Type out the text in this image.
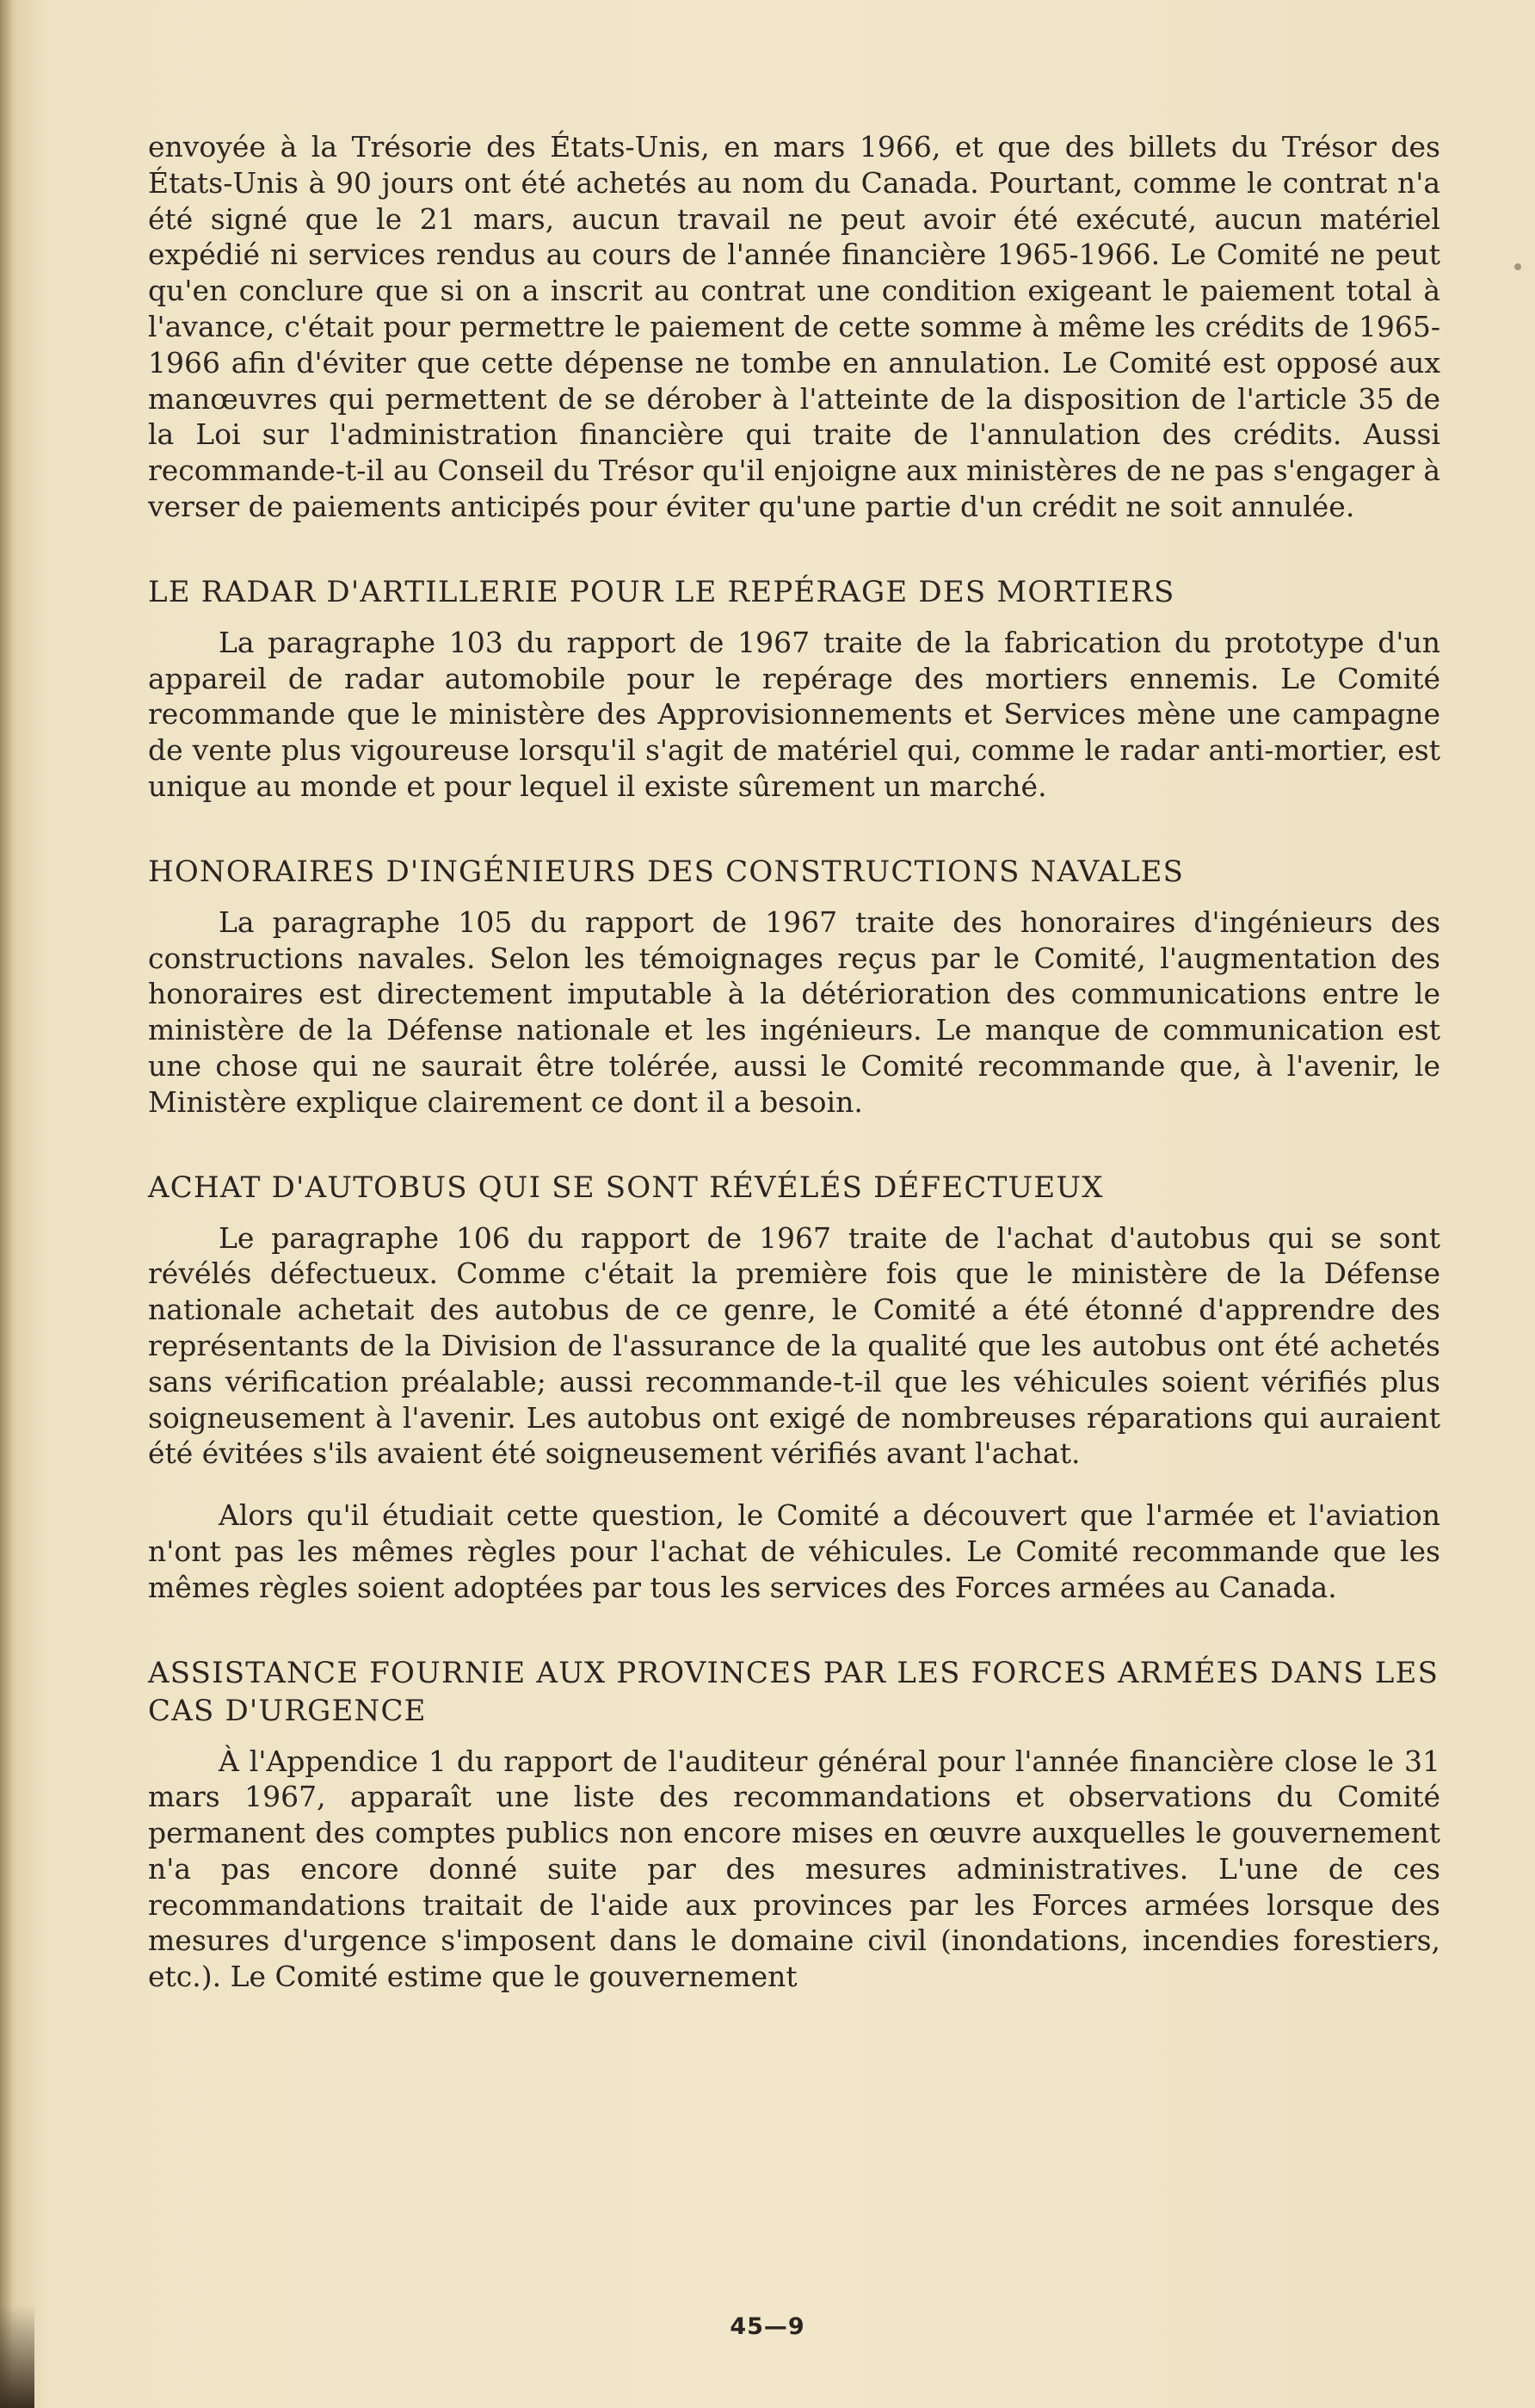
envoyée à la Trésorie des États-Unis, en mars 1966, et que des billets du Trésor des États-Unis à 90 jours ont été achetés au nom du Canada. Pourtant, comme le contrat n'a été signé que le 21 mars, aucun travail ne peut avoir été exécuté, aucun matériel expédié ni services rendus au cours de l'année financière 1965-1966. Le Comité ne peut qu'en conclure que si on a inscrit au contrat une condition exigeant le paiement total à l'avance, c'était pour permettre le paiement de cette somme à même les crédits de 1965-1966 afin d'éviter que cette dépense ne tombe en annulation. Le Comité est opposé aux manœuvres qui permettent de se dérober à l'atteinte de la disposition de l'article 35 de la Loi sur l'administration financière qui traite de l'annulation des crédits. Aussi recommande-t-il au Conseil du Trésor qu'il enjoigne aux ministères de ne pas s'engager à verser de paiements anticipés pour éviter qu'une partie d'un crédit ne soit annulée.

LE RADAR D'ARTILLERIE POUR LE REPÉRAGE DES MORTIERS

La paragraphe 103 du rapport de 1967 traite de la fabrication du prototype d'un appareil de radar automobile pour le repérage des mortiers ennemis. Le Comité recommande que le ministère des Approvisionnements et Services mène une campagne de vente plus vigoureuse lorsqu'il s'agit de matériel qui, comme le radar anti-mortier, est unique au monde et pour lequel il existe sûrement un marché.

HONORAIRES D'INGÉNIEURS DES CONSTRUCTIONS NAVALES

La paragraphe 105 du rapport de 1967 traite des honoraires d'ingénieurs des constructions navales. Selon les témoignages reçus par le Comité, l'augmentation des honoraires est directement imputable à la détérioration des communications entre le ministère de la Défense nationale et les ingénieurs. Le manque de communication est une chose qui ne saurait être tolérée, aussi le Comité recommande que, à l'avenir, le Ministère explique clairement ce dont il a besoin.

ACHAT D'AUTOBUS QUI SE SONT RÉVÉLÉS DÉFECTUEUX

Le paragraphe 106 du rapport de 1967 traite de l'achat d'autobus qui se sont révélés défectueux. Comme c'était la première fois que le ministère de la Défense nationale achetait des autobus de ce genre, le Comité a été étonné d'apprendre des représentants de la Division de l'assurance de la qualité que les autobus ont été achetés sans vérification préalable; aussi recommande-t-il que les véhicules soient vérifiés plus soigneusement à l'avenir. Les autobus ont exigé de nombreuses réparations qui auraient été évitées s'ils avaient été soigneusement vérifiés avant l'achat.

Alors qu'il étudiait cette question, le Comité a découvert que l'armée et l'aviation n'ont pas les mêmes règles pour l'achat de véhicules. Le Comité recommande que les mêmes règles soient adoptées par tous les services des Forces armées au Canada.

ASSISTANCE FOURNIE AUX PROVINCES PAR LES FORCES ARMÉES DANS LES CAS D'URGENCE

À l'Appendice 1 du rapport de l'auditeur général pour l'année financière close le 31 mars 1967, apparaît une liste des recommandations et observations du Comité permanent des comptes publics non encore mises en œuvre auxquelles le gouvernement n'a pas encore donné suite par des mesures administratives. L'une de ces recommandations traitait de l'aide aux provinces par les Forces armées lorsque des mesures d'urgence s'imposent dans le domaine civil (inondations, incendies forestiers, etc.). Le Comité estime que le gouvernement

45—9
